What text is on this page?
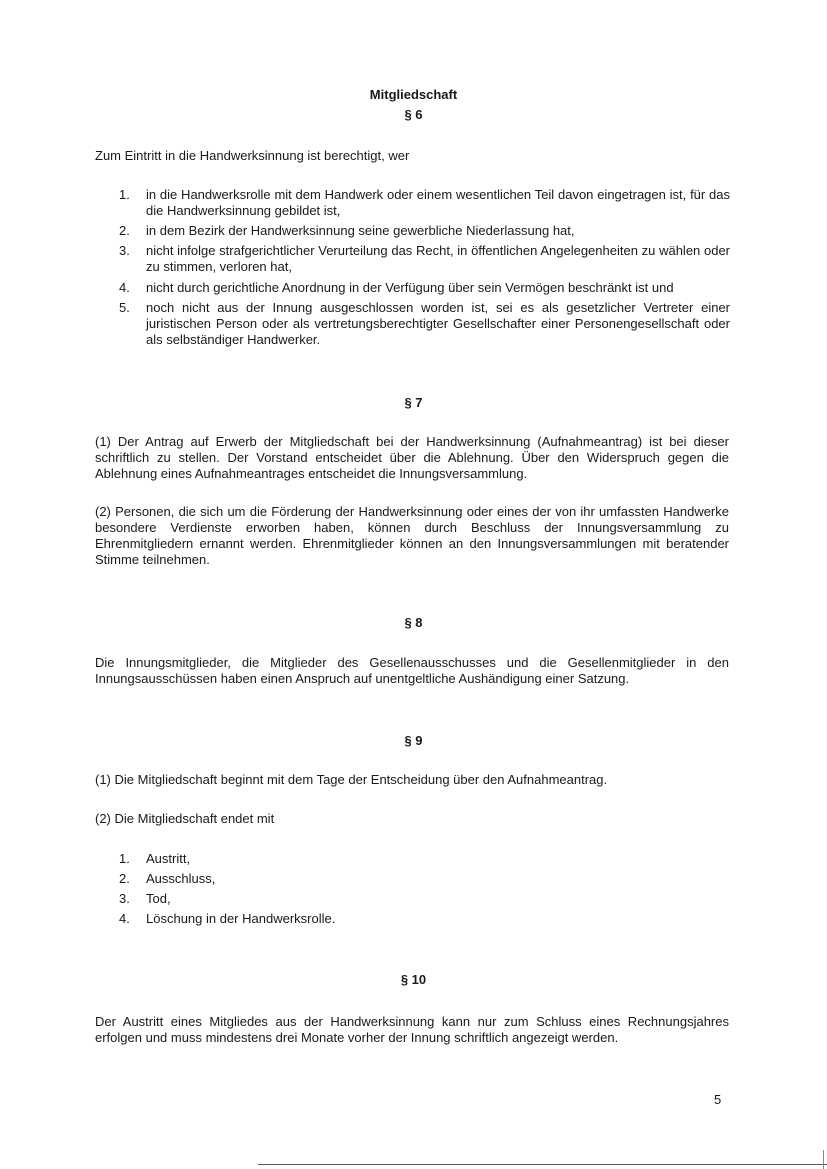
Mitgliedschaft
§ 6
Zum Eintritt in die Handwerksinnung ist berechtigt, wer
1.	in die Handwerksrolle mit dem Handwerk oder einem wesentlichen Teil davon eingetragen ist, für das die Handwerksinnung gebildet ist,
2.	in dem Bezirk der Handwerksinnung seine gewerbliche Niederlassung hat,
3.	nicht infolge strafgerichtlicher Verurteilung das Recht, in öffentlichen Angelegenheiten zu wählen oder zu stimmen, verloren hat,
4.	nicht durch gerichtliche Anordnung in der Verfügung über sein Vermögen beschränkt ist und
5.	noch nicht aus der Innung ausgeschlossen worden ist, sei es als gesetzlicher Vertreter einer juristischen Person oder als vertretungsberechtigter Gesellschafter einer Personengesellschaft oder als selbständiger Handwerker.
§ 7
(1) Der Antrag auf Erwerb der Mitgliedschaft bei der Handwerksinnung (Aufnahmeantrag) ist bei dieser schriftlich zu stellen. Der Vorstand entscheidet über die Ablehnung. Über den Widerspruch gegen die Ablehnung eines Aufnahmeantrages entscheidet die Innungsversammlung.
(2) Personen, die sich um die Förderung der Handwerksinnung oder eines der von ihr umfassten Handwerke besondere Verdienste erworben haben, können durch Beschluss der Innungsversammlung zu Ehrenmitgliedern ernannt werden. Ehrenmitglieder können an den Innungsversammlungen mit beratender Stimme teilnehmen.
§ 8
Die Innungsmitglieder, die Mitglieder des Gesellenausschusses und die Gesellenmitglieder in den Innungsausschüssen haben einen Anspruch auf unentgeltliche Aushändigung einer Satzung.
§ 9
(1) Die Mitgliedschaft beginnt mit dem Tage der Entscheidung über den Aufnahmeantrag.
(2) Die Mitgliedschaft endet mit
1.	Austritt,
2.	Ausschluss,
3.	Tod,
4.	Löschung in der Handwerksrolle.
§ 10
Der Austritt eines Mitgliedes aus der Handwerksinnung kann nur zum Schluss eines Rechnungsjahres erfolgen und muss mindestens drei Monate vorher der Innung schriftlich angezeigt werden.
5
